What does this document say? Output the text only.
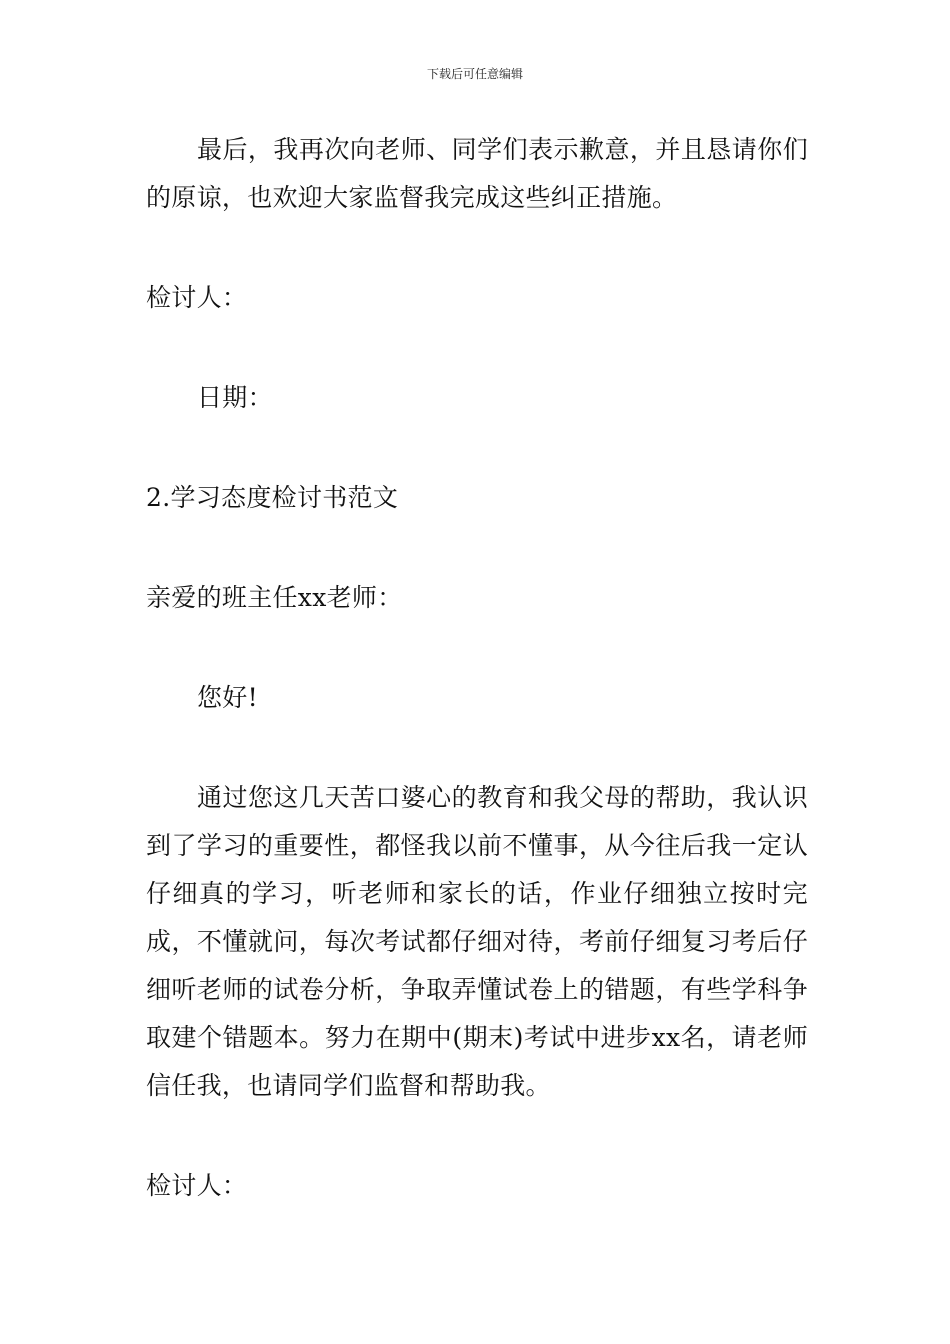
下载后可任意编辑

最后，我再次向老师、同学们表示歉意，并且恳请你们的原谅，也欢迎大家监督我完成这些纠正措施。

检讨人：

日期：

2.学习态度检讨书范文

亲爱的班主任xx老师：

您好!

通过您这几天苦口婆心的教育和我父母的帮助，我认识到了学习的重要性，都怪我以前不懂事，从今往后我一定认仔细真的学习，听老师和家长的话，作业仔细独立按时完成，不懂就问，每次考试都仔细对待，考前仔细复习考后仔细听老师的试卷分析，争取弄懂试卷上的错题，有些学科争取建个错题本。努力在期中(期末)考试中进步xx名，请老师信任我，也请同学们监督和帮助我。

检讨人：
